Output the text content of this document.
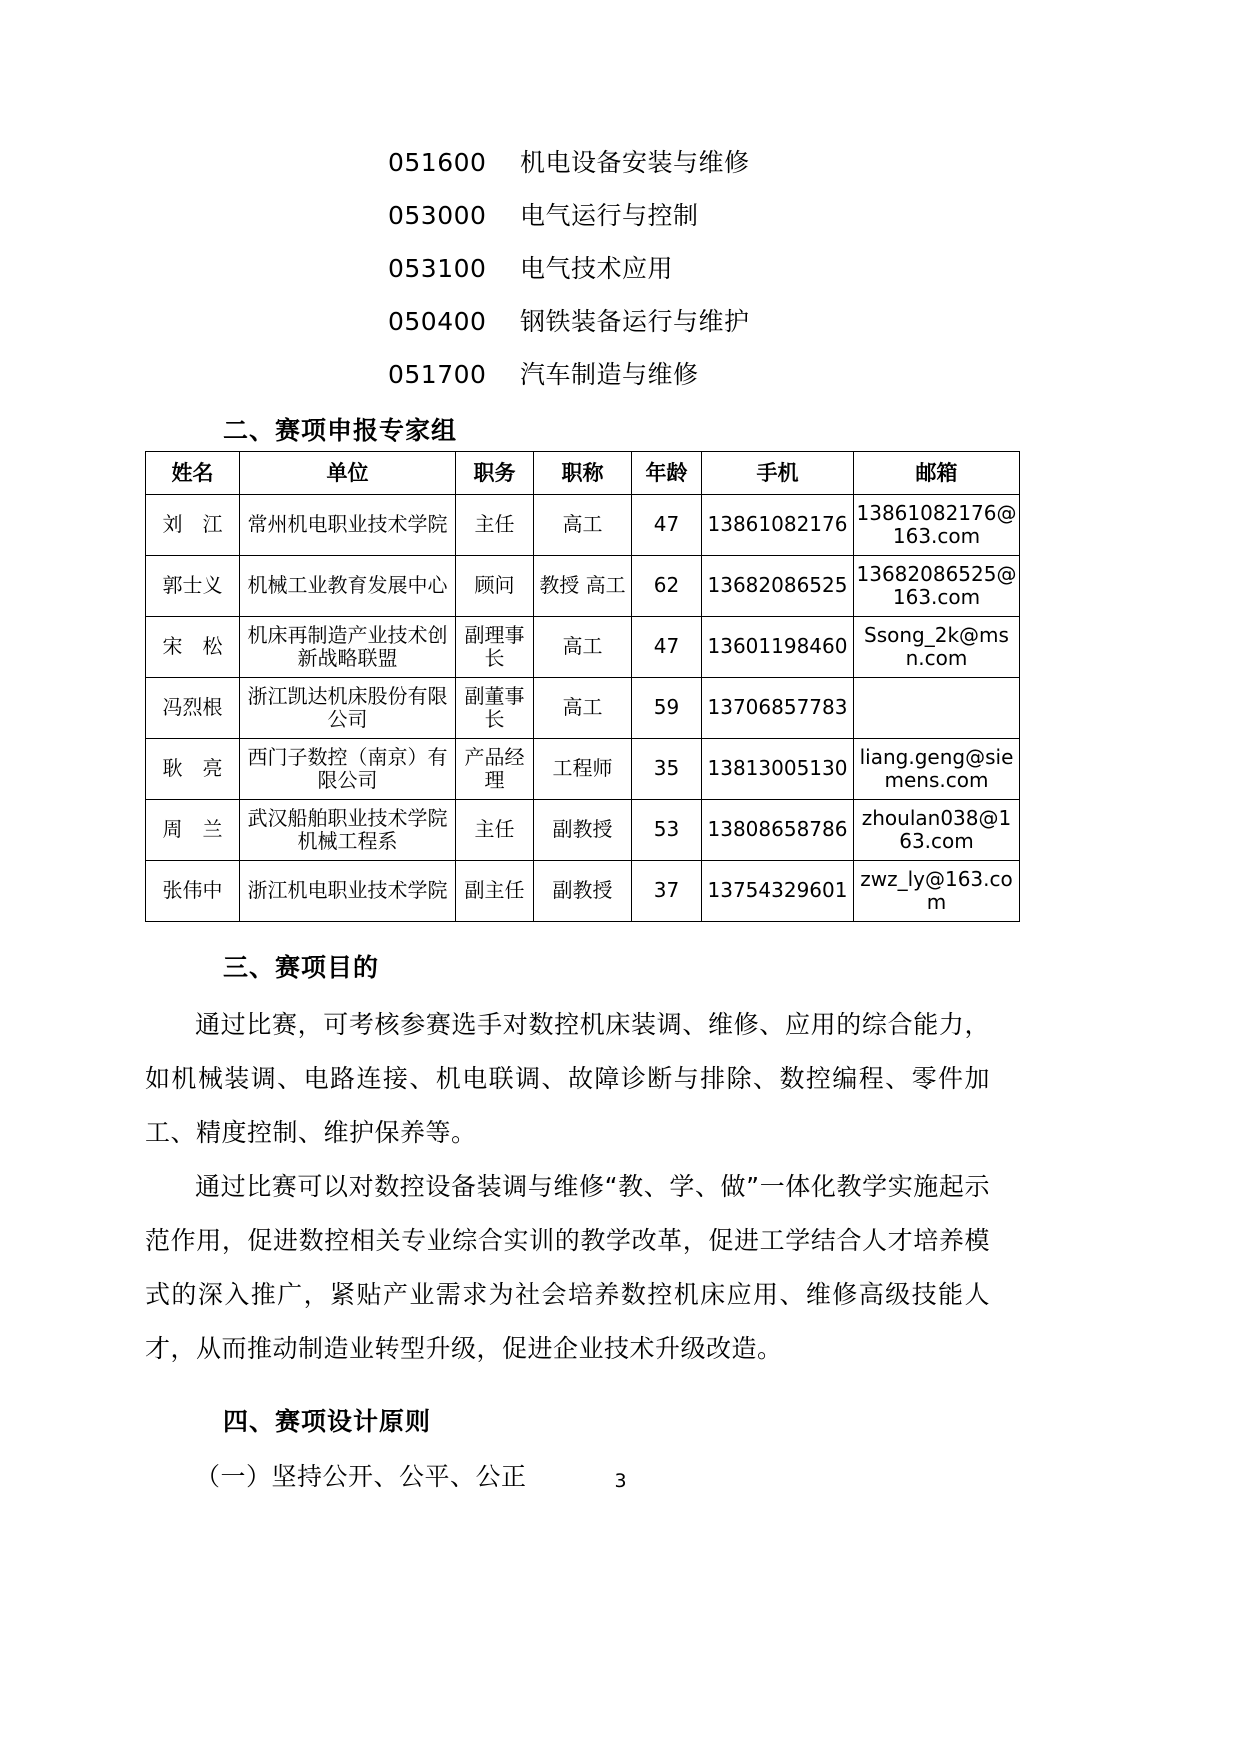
051600	机电设备安装与维修
053000	电气运行与控制
053100	电气技术应用
050400	钢铁装备运行与维护
051700	汽车制造与维修
二、赛项申报专家组
姓名	单位	职务	职称	年龄	手机	邮箱
刘　江	常州机电职业技术学院	主任	高工	47	13861082176	13861082176@163.com
郭士义	机械工业教育发展中心	顾问	教授 高工	62	13682086525	13682086525@163.com
宋　松	机床再制造产业技术创新战略联盟	副理事长	高工	47	13601198460	Ssong_2k@msn.com
冯烈根	浙江凯达机床股份有限公司	副董事长	高工	59	13706857783	
耿　亮	西门子数控（南京）有限公司	产品经理	工程师	35	13813005130	liang.geng@siemens.com
周　兰	武汉船舶职业技术学院机械工程系	主任	副教授	53	13808658786	zhoulan038@163.com
张伟中	浙江机电职业技术学院	副主任	副教授	37	13754329601	zwz_ly@163.com
三、赛项目的

通过比赛，可考核参赛选手对数控机床装调、维修、应用的综合能力，如机械装调、电路连接、机电联调、故障诊断与排除、数控编程、零件加工、精度控制、维护保养等。

通过比赛可以对数控设备装调与维修“教、学、做”一体化教学实施起示范作用，促进数控相关专业综合实训的教学改革，促进工学结合人才培养模式的深入推广，紧贴产业需求为社会培养数控机床应用、维修高级技能人才，从而推动制造业转型升级，促进企业技术升级改造。

四、赛项设计原则
（一）坚持公开、公平、公正	3
